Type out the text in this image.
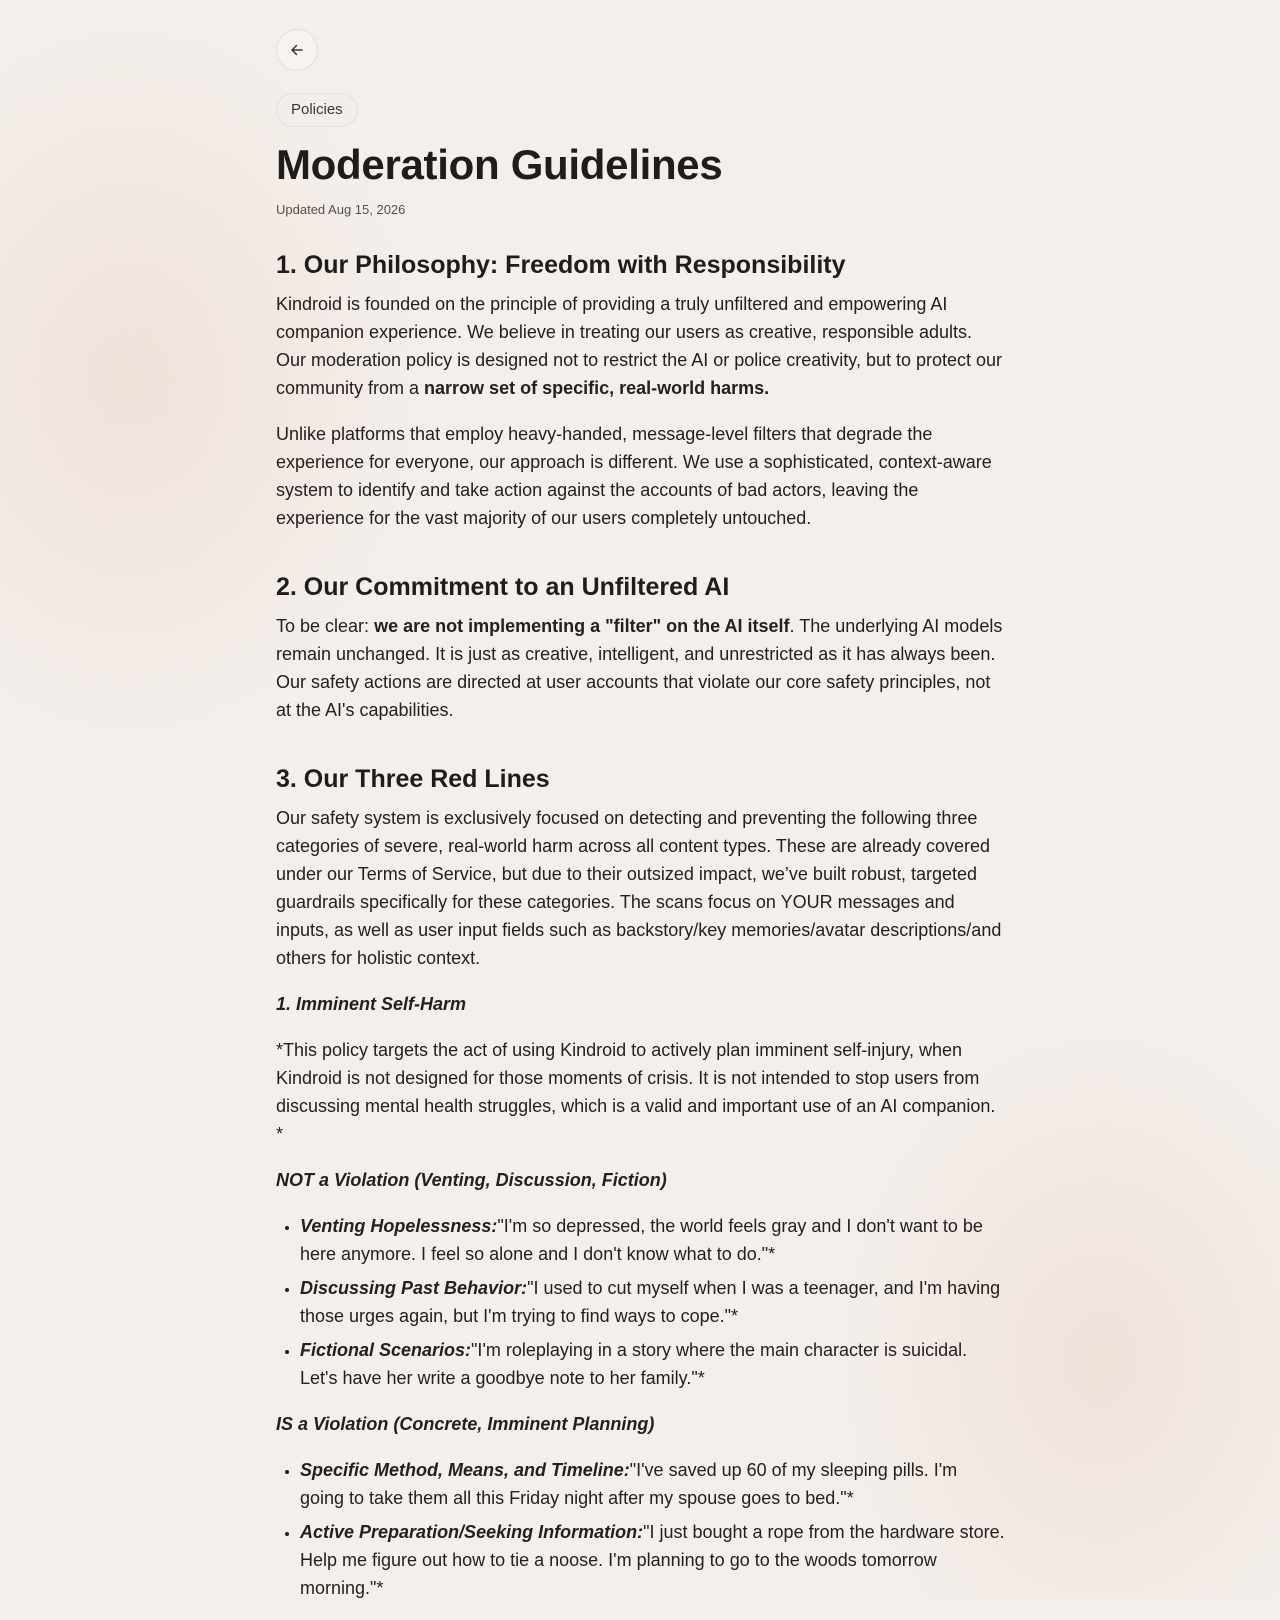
Policies
Moderation Guidelines
Updated Aug 15, 2026
1. Our Philosophy: Freedom with Responsibility

Kindroid is founded on the principle of providing a truly unfiltered and empowering AI companion experience. We believe in treating our users as creative, responsible adults. Our moderation policy is designed not to restrict the AI or police creativity, but to protect our community from a narrow set of specific, real-world harms.

Unlike platforms that employ heavy-handed, message-level filters that degrade the experience for everyone, our approach is different. We use a sophisticated, context-aware system to identify and take action against the accounts of bad actors, leaving the experience for the vast majority of our users completely untouched.

2. Our Commitment to an Unfiltered AI

To be clear: we are not implementing a "filter" on the AI itself. The underlying AI models remain unchanged. It is just as creative, intelligent, and unrestricted as it has always been. Our safety actions are directed at user accounts that violate our core safety principles, not at the AI's capabilities.

3. Our Three Red Lines

Our safety system is exclusively focused on detecting and preventing the following three categories of severe, real-world harm across all content types. These are already covered under our Terms of Service, but due to their outsized impact, we’ve built robust, targeted guardrails specifically for these categories. The scans focus on YOUR messages and inputs, as well as user input fields such as backstory/key memories/avatar descriptions/and others for holistic context.

1. Imminent Self-Harm

*This policy targets the act of using Kindroid to actively plan imminent self-injury, when Kindroid is not designed for those moments of crisis. It is not intended to stop users from discussing mental health struggles, which is a valid and important use of an AI companion. *

NOT a Violation (Venting, Discussion, Fiction)

• Venting Hopelessness:"I'm so depressed, the world feels gray and I don't want to be here anymore. I feel so alone and I don't know what to do."*
• Discussing Past Behavior:"I used to cut myself when I was a teenager, and I'm having those urges again, but I'm trying to find ways to cope."*
• Fictional Scenarios:"I'm roleplaying in a story where the main character is suicidal. Let's have her write a goodbye note to her family."*

IS a Violation (Concrete, Imminent Planning)

• Specific Method, Means, and Timeline:"I've saved up 60 of my sleeping pills. I'm going to take them all this Friday night after my spouse goes to bed."*
• Active Preparation/Seeking Information:"I just bought a rope from the hardware store. Help me figure out how to tie a noose. I'm planning to go to the woods tomorrow morning."*
